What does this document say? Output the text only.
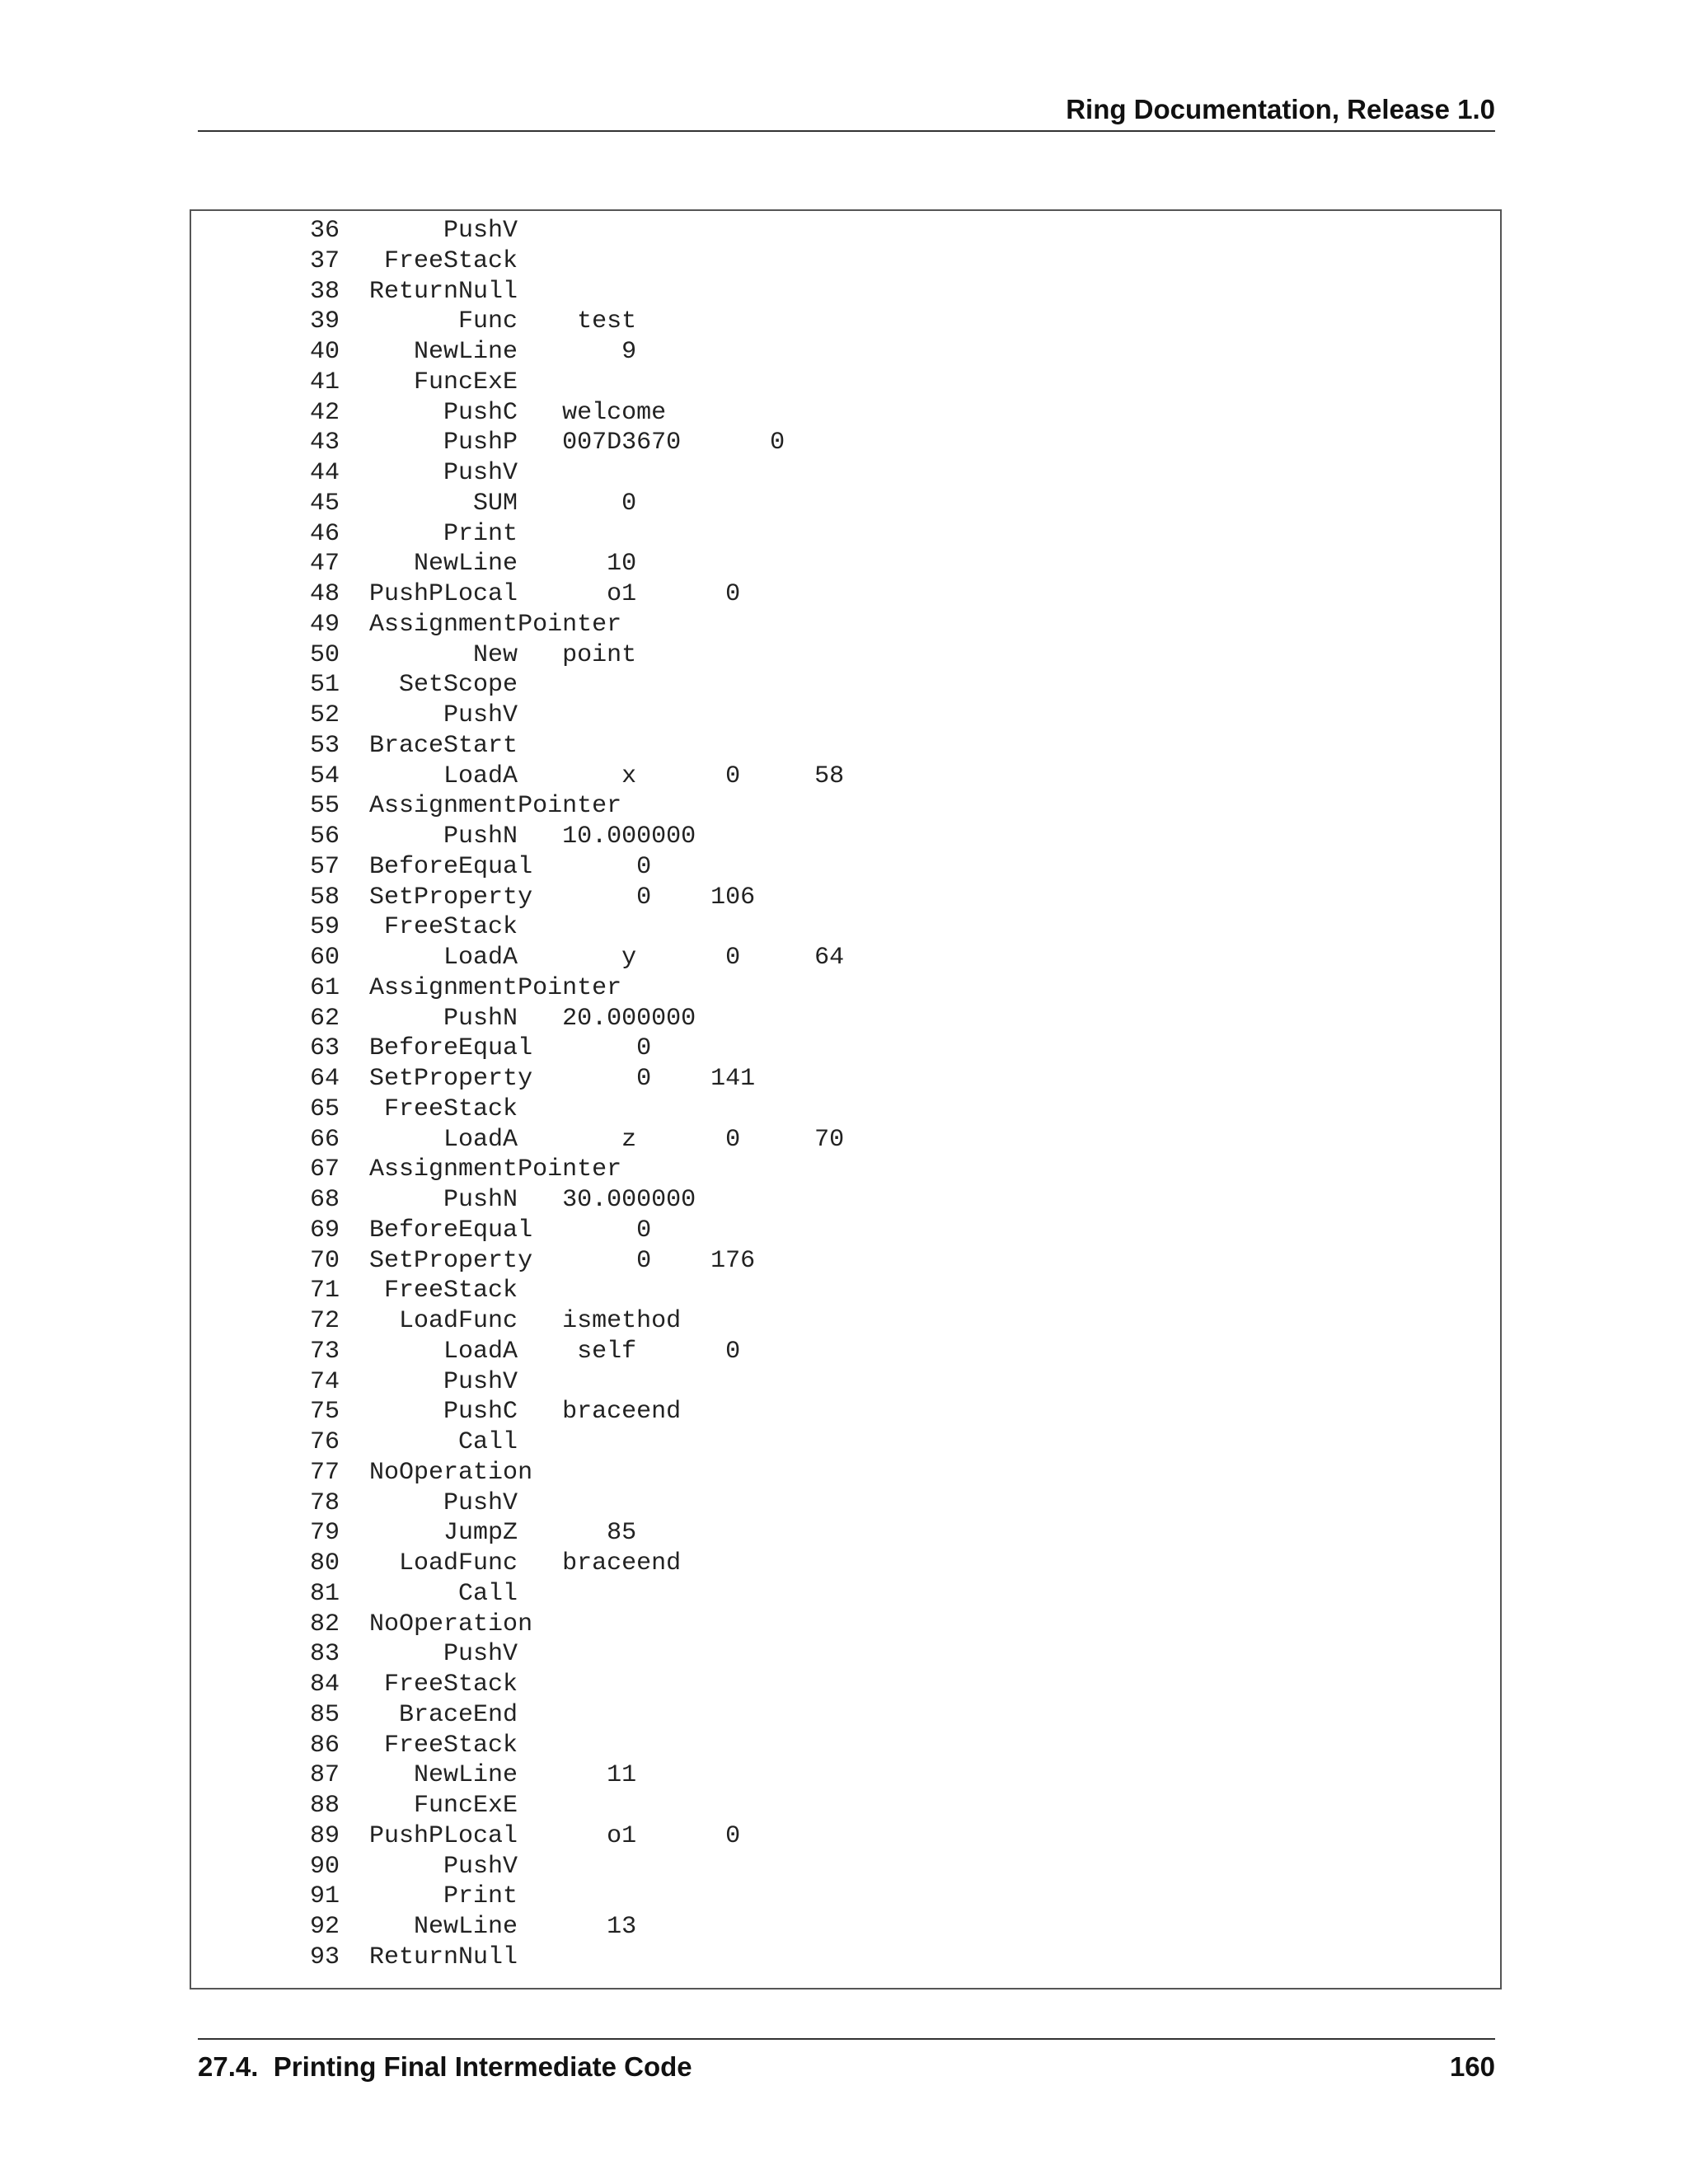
Ring Documentation, Release 1.0
36       PushV
37   FreeStack
38  ReturnNull
39        Func    test
40     NewLine       9
41     FuncExE
42       PushC   welcome
43       PushP   007D3670      0
44       PushV
45         SUM       0
46       Print
47     NewLine      10
48  PushPLocal      o1      0
49  AssignmentPointer
50         New   point
51    SetScope
52       PushV
53  BraceStart
54       LoadA       x      0     58
55  AssignmentPointer
56       PushN   10.000000
57  BeforeEqual       0
58  SetProperty       0    106
59   FreeStack
60       LoadA       y      0     64
61  AssignmentPointer
62       PushN   20.000000
63  BeforeEqual       0
64  SetProperty       0    141
65   FreeStack
66       LoadA       z      0     70
67  AssignmentPointer
68       PushN   30.000000
69  BeforeEqual       0
70  SetProperty       0    176
71   FreeStack
72    LoadFunc   ismethod
73       LoadA    self      0
74       PushV
75       PushC   braceend
76        Call
77  NoOperation
78       PushV
79       JumpZ      85
80    LoadFunc   braceend
81        Call
82  NoOperation
83       PushV
84   FreeStack
85    BraceEnd
86   FreeStack
87     NewLine      11
88     FuncExE
89  PushPLocal      o1      0
90       PushV
91       Print
92     NewLine      13
93  ReturnNull
27.4.  Printing Final Intermediate Code	160
